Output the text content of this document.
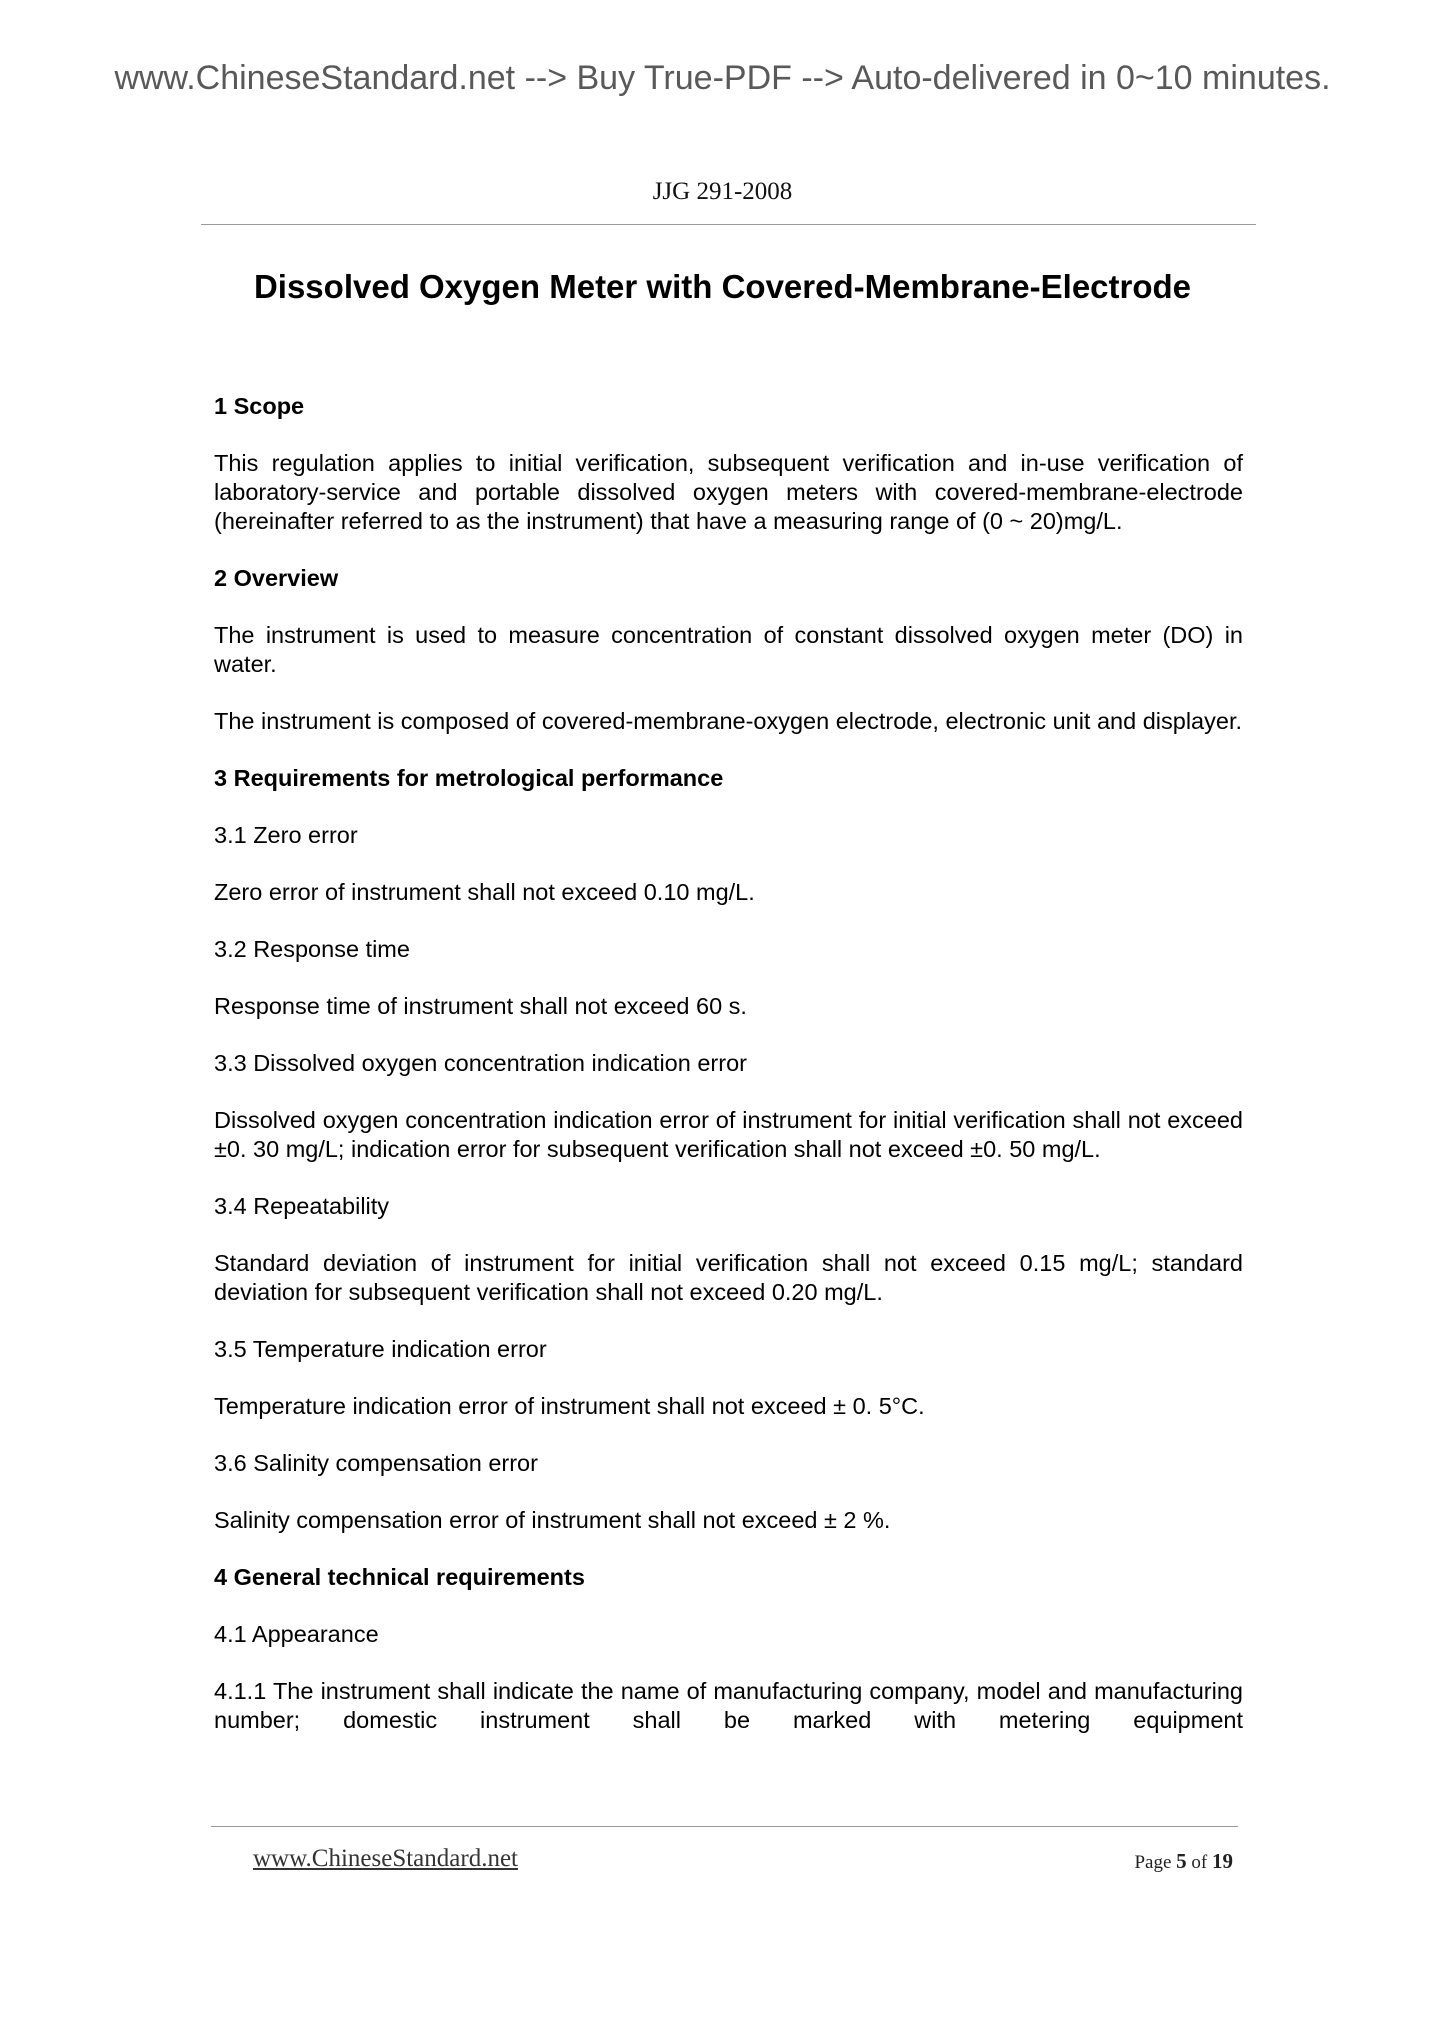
www.ChineseStandard.net --> Buy True-PDF --> Auto-delivered in 0~10 minutes.
JJG 291-2008
Dissolved Oxygen Meter with Covered-Membrane-Electrode
1 Scope

This regulation applies to initial verification, subsequent verification and in-use verification of laboratory-service and portable dissolved oxygen meters with covered-membrane-electrode (hereinafter referred to as the instrument) that have a measuring range of (0 ~ 20)mg/L.

2 Overview

The instrument is used to measure concentration of constant dissolved oxygen meter (DO) in water.

The instrument is composed of covered-membrane-oxygen electrode, electronic unit and displayer.

3 Requirements for metrological performance

3.1 Zero error

Zero error of instrument shall not exceed 0.10 mg/L.

3.2 Response time

Response time of instrument shall not exceed 60 s.

3.3 Dissolved oxygen concentration indication error

Dissolved oxygen concentration indication error of instrument for initial verification shall not exceed ±0. 30 mg/L; indication error for subsequent verification shall not exceed ±0. 50 mg/L.

3.4 Repeatability

Standard deviation of instrument for initial verification shall not exceed 0.15 mg/L; standard deviation for subsequent verification shall not exceed 0.20 mg/L.

3.5 Temperature indication error

Temperature indication error of instrument shall not exceed ± 0. 5°C.

3.6 Salinity compensation error

Salinity compensation error of instrument shall not exceed ± 2 %.

4 General technical requirements

4.1 Appearance

4.1.1 The instrument shall indicate the name of manufacturing company, model and manufacturing number; domestic instrument shall be marked with metering equipment

www.ChineseStandard.net	Page 5 of 19
